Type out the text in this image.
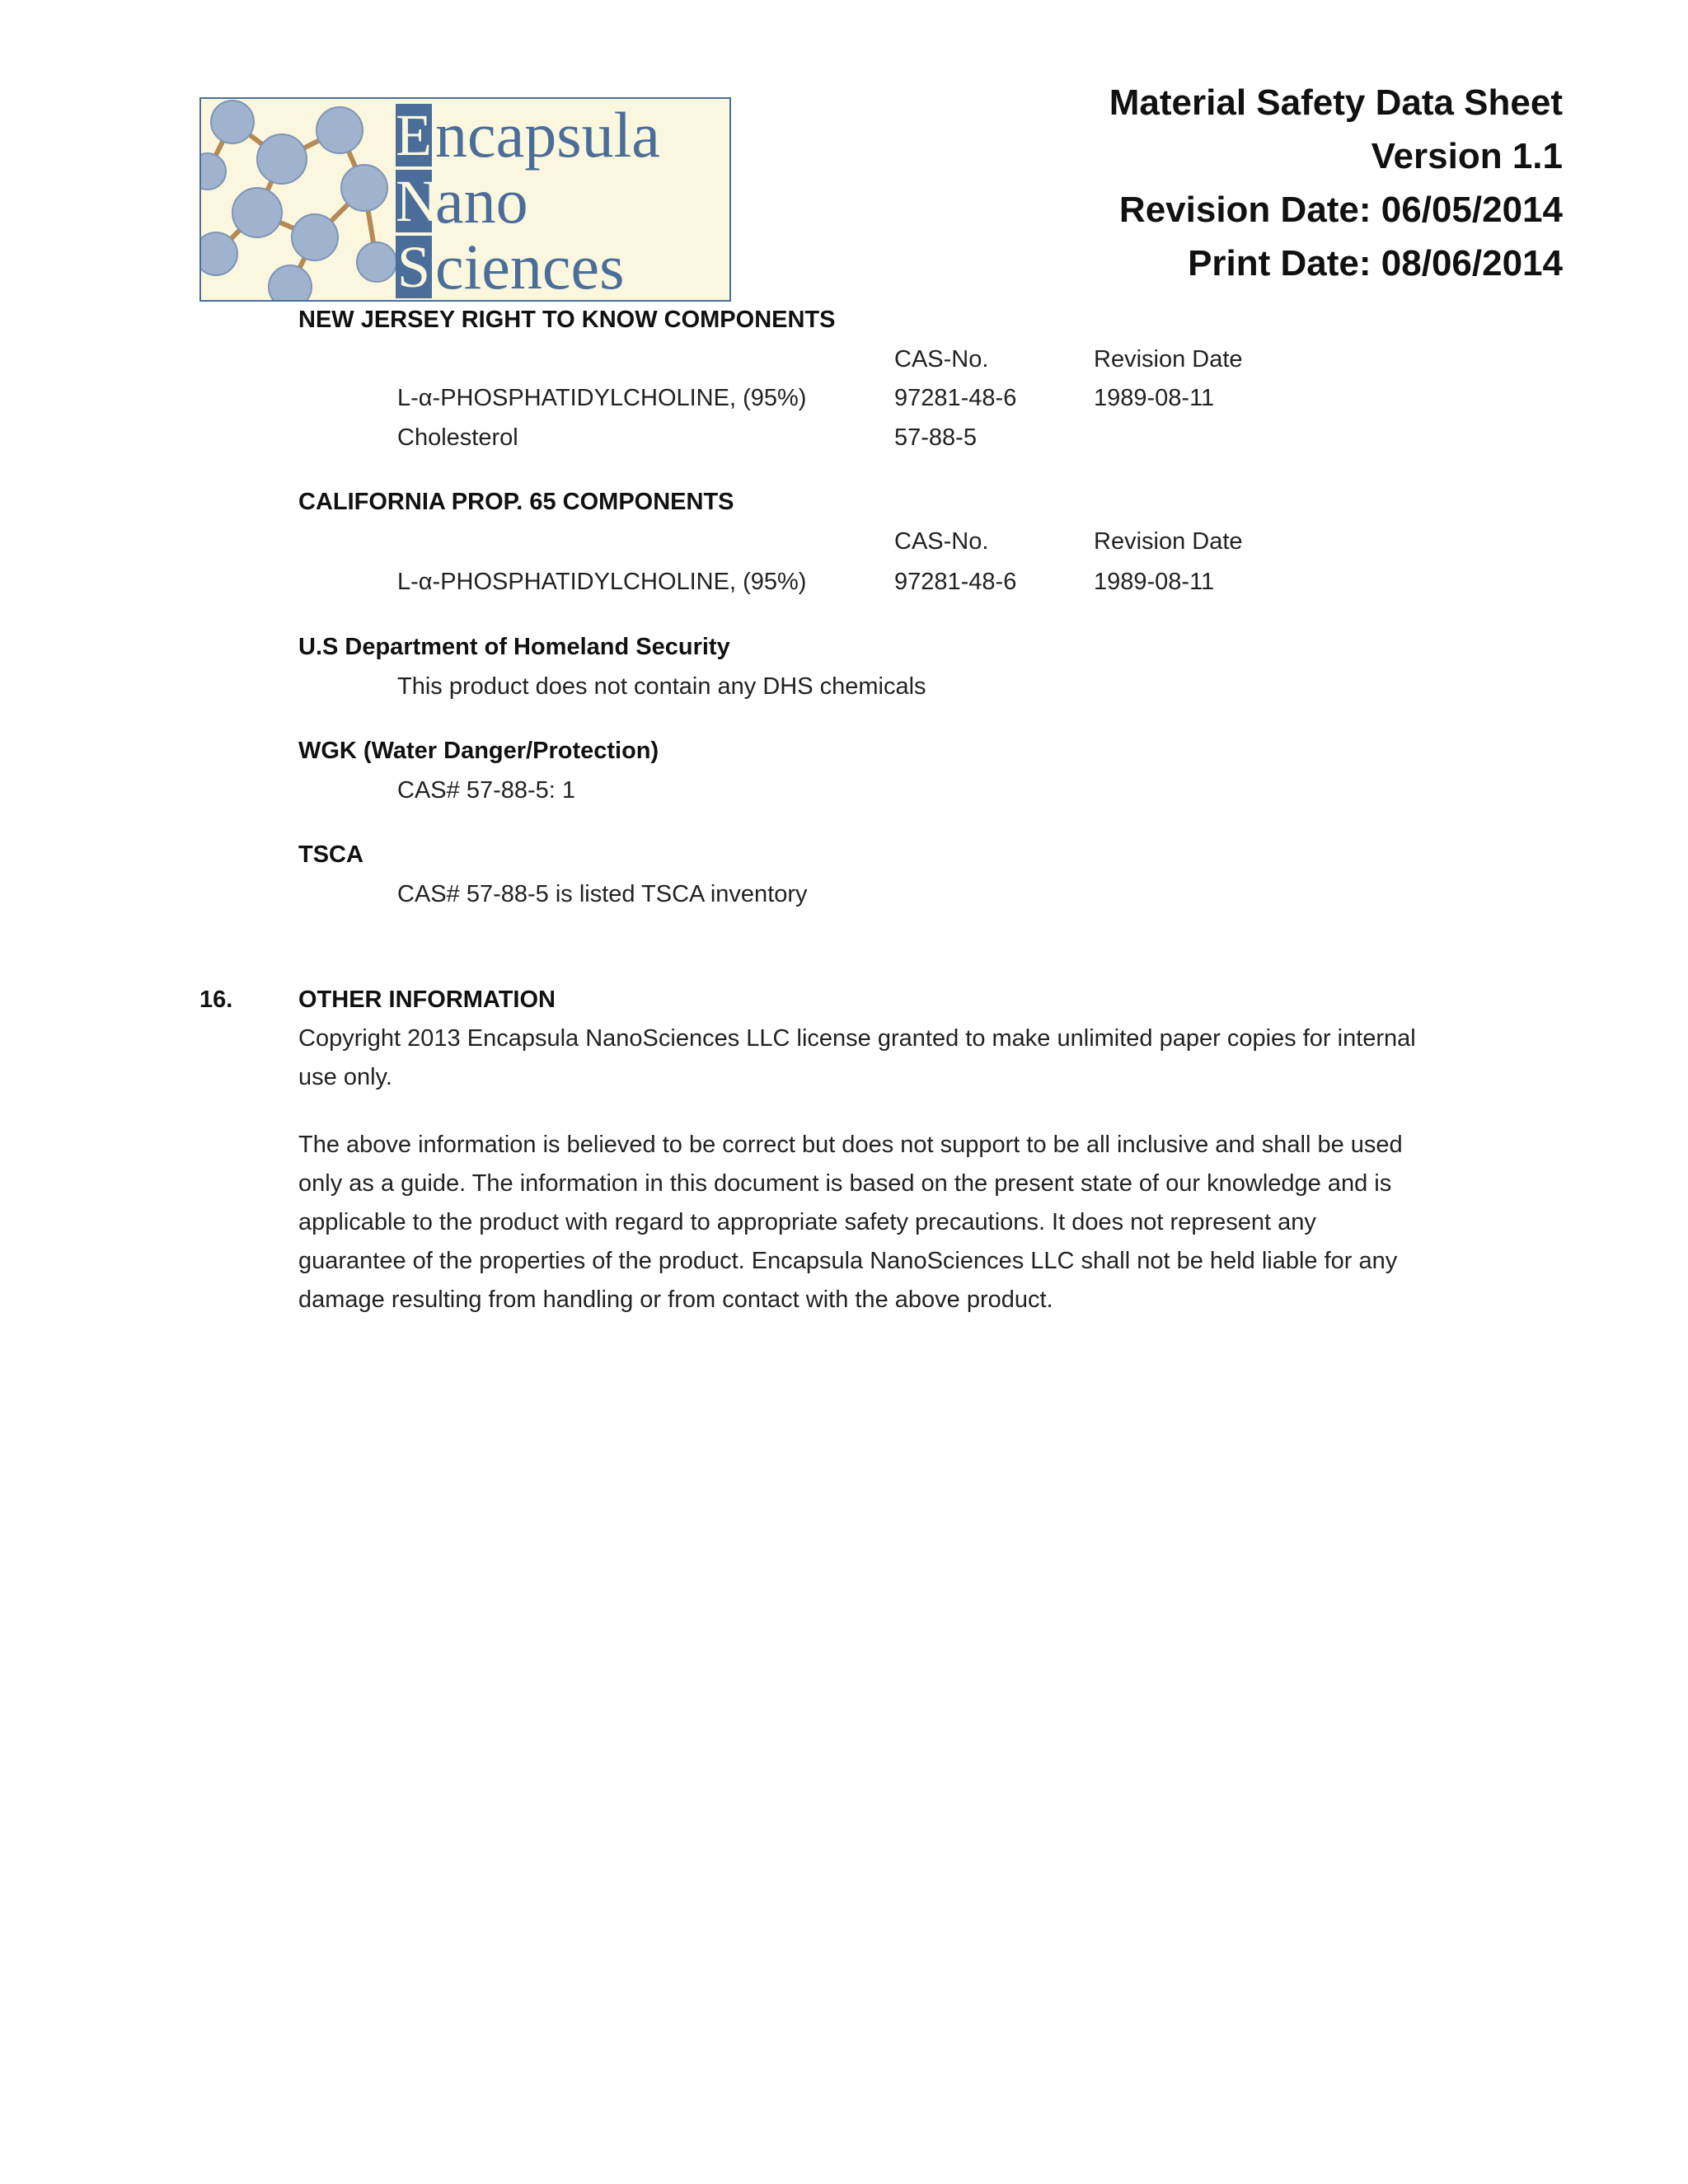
Encapsula
Nano
Sciences
Material Safety Data Sheet
Version 1.1
Revision Date: 06/05/2014
Print Date: 08/06/2014
NEW JERSEY RIGHT TO KNOW COMPONENTS
CAS-No.	Revision Date
L-α-PHOSPHATIDYLCHOLINE, (95%)	97281-48-6	1989-08-11
Cholesterol	57-88-5
CALIFORNIA PROP. 65 COMPONENTS
CAS-No.	Revision Date
L-α-PHOSPHATIDYLCHOLINE, (95%)	97281-48-6	1989-08-11
U.S Department of Homeland Security
This product does not contain any DHS chemicals
WGK (Water Danger/Protection)
CAS# 57-88-5: 1
TSCA
CAS# 57-88-5 is listed TSCA inventory
16.	OTHER INFORMATION
Copyright 2013 Encapsula NanoSciences LLC license granted to make unlimited paper copies for internal
use only.
The above information is believed to be correct but does not support to be all inclusive and shall be used
only as a guide. The information in this document is based on the present state of our knowledge and is
applicable to the product with regard to appropriate safety precautions. It does not represent any
guarantee of the properties of the product. Encapsula NanoSciences LLC shall not be held liable for any
damage resulting from handling or from contact with the above product.
